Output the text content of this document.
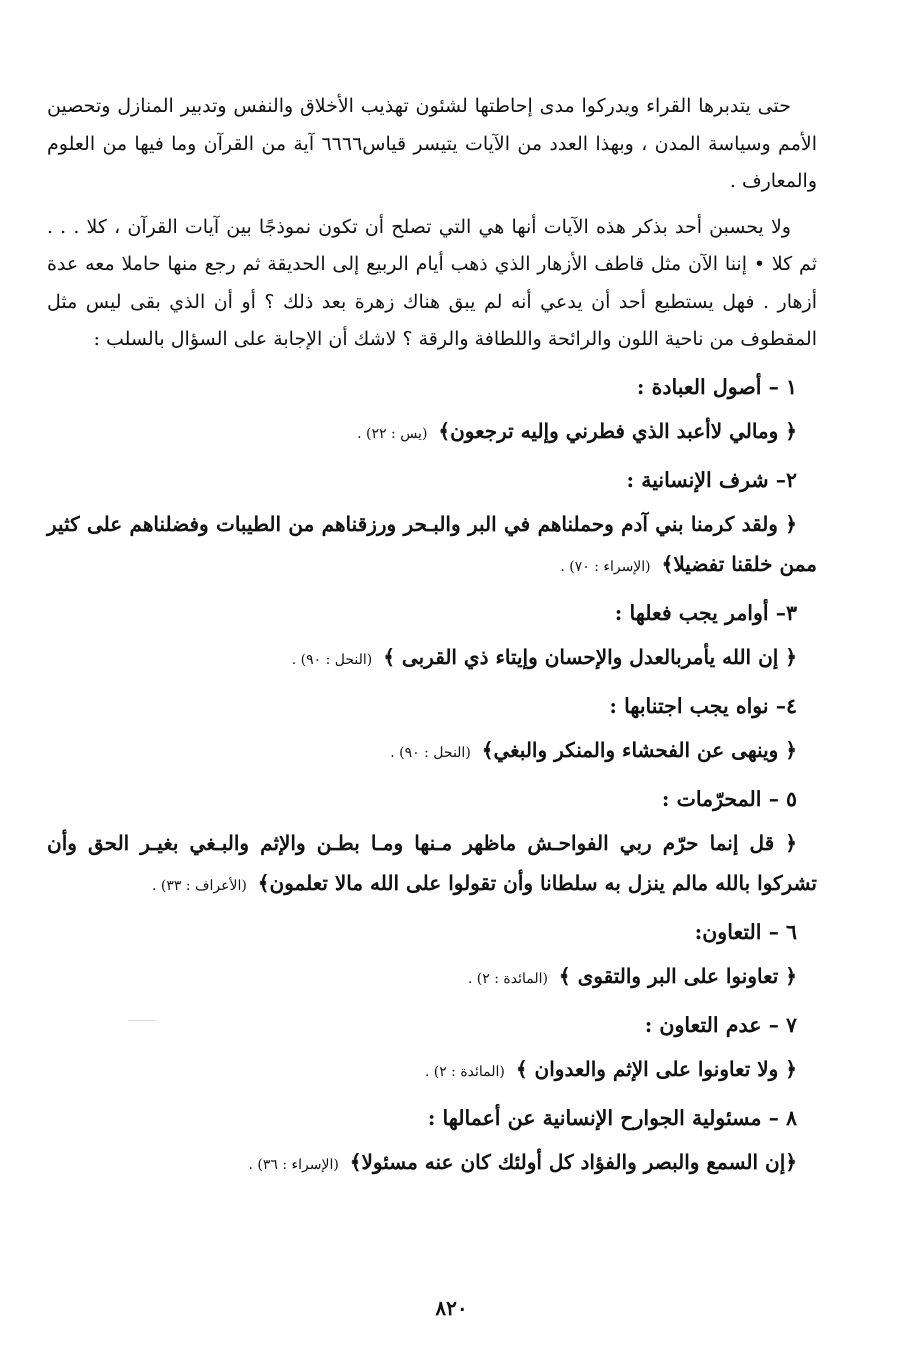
حتى يتدبرها القراء ويدركوا مدى إحاطتها لشئون تهذيب الأخلاق والنفس وتدبير المنازل وتحصين الأمم وسياسة المدن ، وبهذا العدد من الآيات يتيسر قياس٦٦٦٦ آية من القرآن وما فيها من العلوم والمعارف .

ولا يحسبن أحد بذكر هذه الآيات أنها هي التي تصلح أن تكون نموذجًا بين آيات القرآن ، كلا . . . ثم كلا • إننا الآن مثل قاطف الأزهار الذي ذهب أيام الربيع إلى الحديقة ثم رجع منها حاملا معه عدة أزهار . فهل يستطيع أحد أن يدعي أنه لم يبق هناك زهرة بعد ذلك ؟ أو أن الذي بقى ليس مثل المقطوف من ناحية اللون والرائحة واللطافة والرقة ؟ لاشك أن الإجابة على السؤال بالسلب :

١ – أصول العبادة :
﴿ ومالي لاأعبد الذي فطرني وإليه ترجعون﴾ (يس : ٢٢) .
٢– شرف الإنسانية :
﴿ ولقد كرمنا بني آدم وحملناهم في البر والبـحر ورزقناهم من الطيبات وفضلناهم على كثير ممن خلقنا تفضيلا﴾ (الإسراء : ٧٠) .
٣– أوامر يجب فعلها :
﴿ إن الله يأمربالعدل والإحسان وإيتاء ذي القربى ﴾ (النحل : ٩٠) .
٤– نواه يجب اجتنابها :
﴿ وينهى عن الفحشاء والمنكر والبغي﴾ (النحل : ٩٠) .
٥ – المحرّمات :
﴿ قل إنما حرّم ربي الفواحـش ماظهر مـنها ومـا بطـن والإثم والبـغي بغيـر الحق وأن تشركوا بالله مالم ينزل به سلطانا وأن تقولوا على الله مالا تعلمون﴾ (الأعراف : ٣٣) .
٦ – التعاون:
﴿ تعاونوا على البر والتقوى ﴾ (المائدة : ٢) .
٧ – عدم التعاون :
﴿ ولا تعاونوا على الإثم والعدوان ﴾ (المائدة : ٢) .
٨ – مسئولية الجوارح الإنسانية عن أعمالها :
﴿إن السمع والبصر والفؤاد كل أولئك كان عنه مسئولا﴾ (الإسراء : ٣٦) .
٨٢٠
